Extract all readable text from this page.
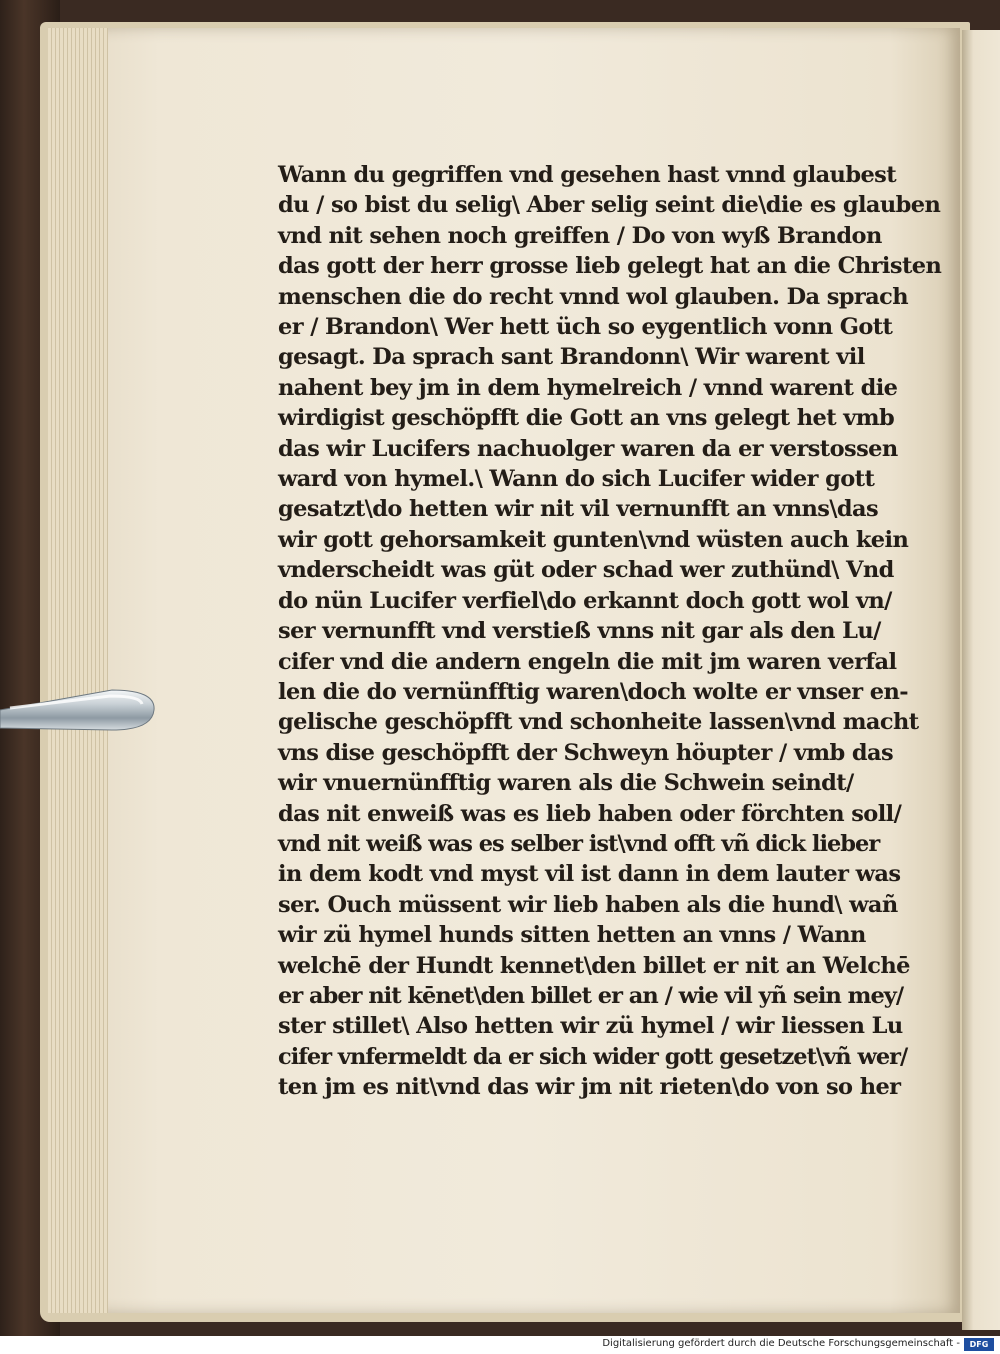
Wann du gegriffen vnd gesehen hast vnnd glaubest
du / so bist du selig\ Aber selig seint die\die es glauben
vnd nit sehen noch greiffen / Do von wyß Brandon
das gott der herr grosse lieb gelegt hat an die Christen
menschen die do recht vnnd wol glauben. Da sprach
er / Brandon\ Wer hett üch so eygentlich vonn Gott
gesagt. Da sprach sant Brandonn\ Wir warent vil
nahent bey jm in dem hymelreich / vnnd warent die
wirdigist geschöpfft die Gott an vns gelegt het vmb
das wir Lucifers nachuolger waren da er verstossen
ward von hymel.\ Wann do sich Lucifer wider gott
gesatzt\do hetten wir nit vil vernunfft an vnns\das
wir gott gehorsamkeit gunten\vnd wüsten auch kein
vnderscheidt was güt oder schad wer zuthünd\ Vnd
do nün Lucifer verfiel\do erkannt doch gott wol vn/
ser vernunfft vnd verstieß vnns nit gar als den Lu/
cifer vnd die andern engeln die mit jm waren verfal
len die do vernünfftig waren\doch wolte er vnser en-
gelische geschöpfft vnd schonheite lassen\vnd macht
vns dise geschöpfft der Schweyn höupter / vmb das
wir vnuernünfftig waren als die Schwein seindt/
das nit enweiß was es lieb haben oder förchten soll/
vnd nit weiß was es selber ist\vnd offt vñ dick lieber
in dem kodt vnd myst vil ist dann in dem lauter was
ser. Ouch müssent wir lieb haben als die hund\ wañ
wir zü hymel hunds sitten hetten an vnns / Wann
welchē der Hundt kennet\den billet er nit an Welchē
er aber nit kēnet\den billet er an / wie vil yñ sein mey/
ster stillet\ Also hetten wir zü hymel / wir liessen Lu
cifer vnfermeldt da er sich wider gott gesetzet\vñ wer/
ten jm es nit\vnd das wir jm nit rieten\do von so her
Digitalisierung gefördert durch die Deutsche Forschungsgemeinschaft -	DFG
